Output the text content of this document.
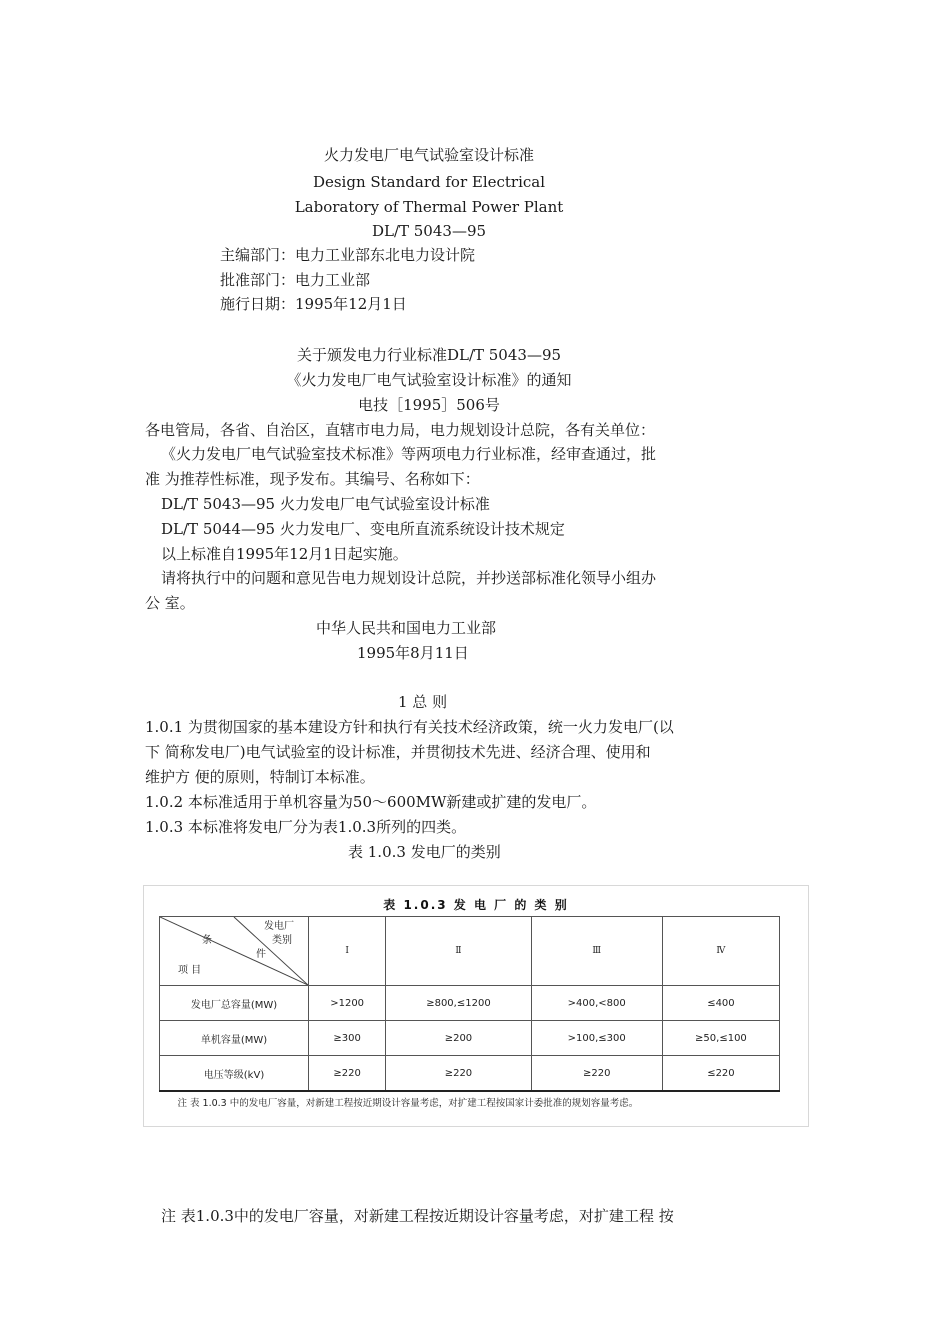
火力发电厂电气试验室设计标准
Design Standard for Electrical
Laboratory of Thermal Power Plant
DL/T 5043—95
主编部门：电力工业部东北电力设计院
批准部门：电力工业部
施行日期：1995年12月1日
关于颁发电力行业标准DL/T 5043—95
《火力发电厂电气试验室设计标准》的通知
电技［1995］506号
各电管局，各省、自治区，直辖市电力局，电力规划设计总院，各有关单位：
《火力发电厂电气试验室技术标准》等两项电力行业标准，经审查通过，批
准 为推荐性标准，现予发布。其编号、名称如下：
DL/T 5043—95 火力发电厂电气试验室设计标准
DL/T 5044—95 火力发电厂、变电所直流系统设计技术规定
以上标准自1995年12月1日起实施。
请将执行中的问题和意见告电力规划设计总院，并抄送部标准化领导小组办
公 室。
中华人民共和国电力工业部
1995年8月11日
1 总 则
1.0.1 为贯彻国家的基本建设方针和执行有关技术经济政策，统一火力发电厂(以
下 简称发电厂)电气试验室的设计标准，并贯彻技术先进、经济合理、使用和
维护方 便的原则，特制订本标准。
1.0.2 本标准适用于单机容量为50～600MW新建或扩建的发电厂。
1.0.3 本标准将发电厂分为表1.0.3所列的四类。
表 1.0.3 发电厂的类别
表 1.0.3 发 电 厂 的 类 别
发电厂
类别
条
件
项 目	Ⅰ	Ⅱ	Ⅲ	Ⅳ
发电厂总容量(MW)	>1200	≥800,≤1200	>400,<800	≤400
单机容量(MW)	≥300	≥200	>100,≤300	≥50,≤100
电压等级(kV)	≥220	≥220	≥220	≤220
注 表 1.0.3 中的发电厂容量，对新建工程按近期设计容量考虑，对扩建工程按国家计委批准的规划容量考虑。				
注 表1.0.3中的发电厂容量，对新建工程按近期设计容量考虑，对扩建工程 按
